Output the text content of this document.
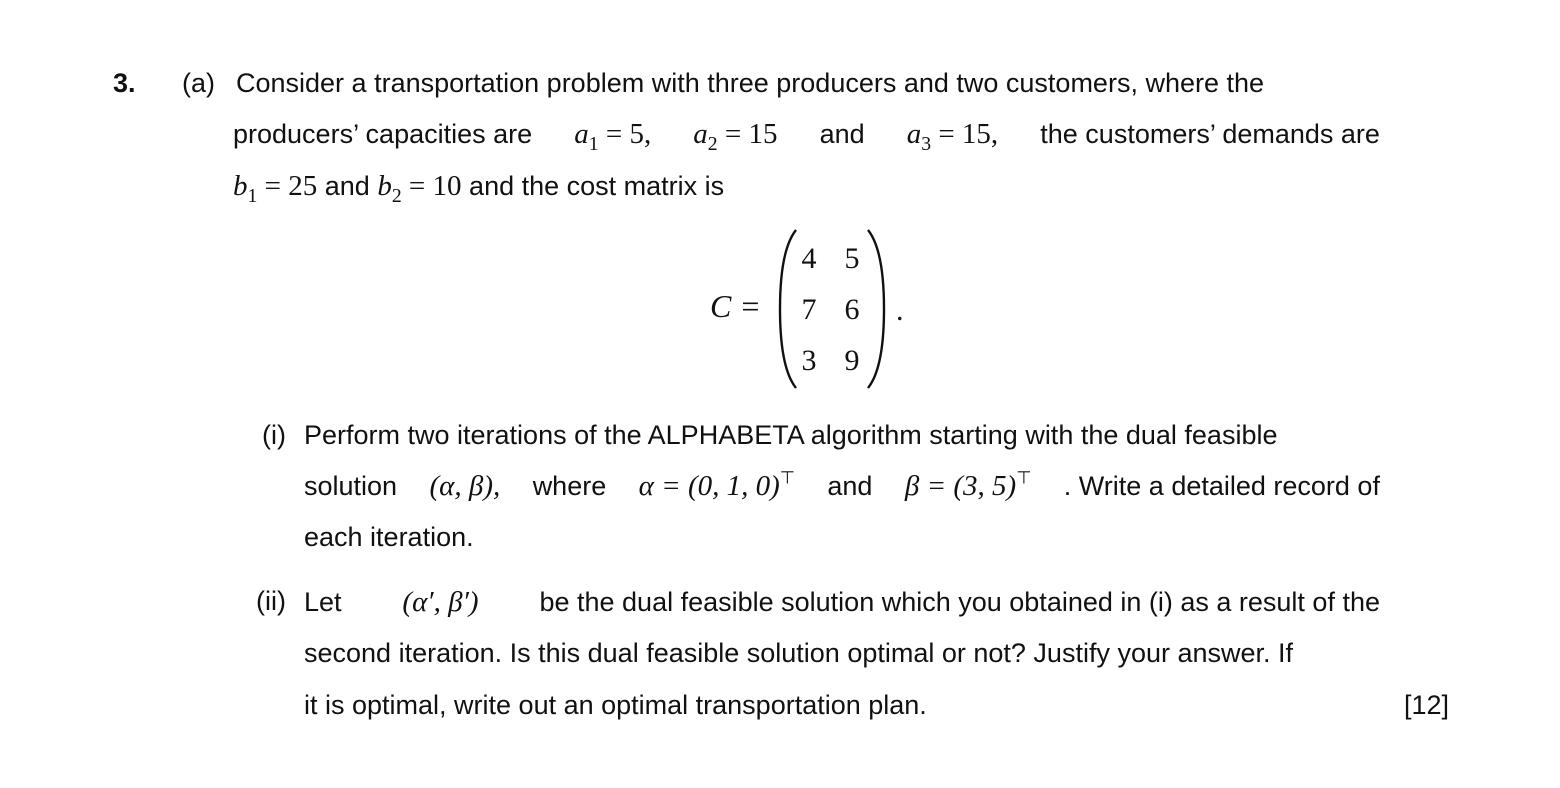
3. (a) Consider a transportation problem with three producers and two customers, where the
producers’ capacities are $a_1 = 5$, $a_2 = 15$ and $a_3 = 15$, the customers’ demands are
$b_1 = 25$ and $b_2 = 10$ and the cost matrix is
C =
4 5
7 6
3 9
.
(i) Perform two iterations of the ALPHABETA algorithm starting with the dual feasible
solution (α, β), where α = (0, 1, 0)⊤ and β = (3, 5)⊤ . Write a detailed record of
each iteration.
(ii) Let (α′, β′) be the dual feasible solution which you obtained in (i) as a result of the
second iteration. Is this dual feasible solution optimal or not? Justify your answer. If
it is optimal, write out an optimal transportation plan.	[12]
